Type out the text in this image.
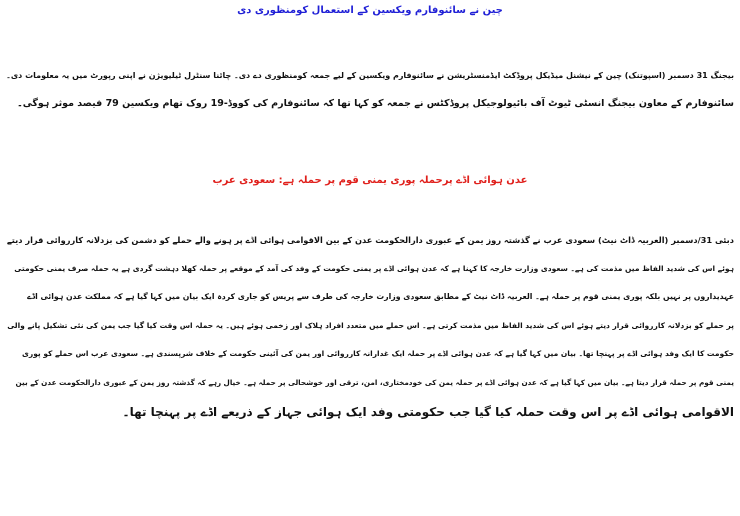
چین نے سائنوفارم ویکسین کے استعمال کومنظوری دی
بیجنگ 31 دسمبر (اسپوتنک) چین کے نیشنل میڈیکل پروڈکٹ ایڈمنسٹریشن نے سائنوفارم ویکسین کے لیے جمعہ کومنظوری دے دی۔ چائنا سنٹرل ٹیلیویژن نے اپنی رپورٹ میں یہ معلومات دی۔
سائنوفارم کے معاون بیجنگ انسٹی ٹیوٹ آف بائیولوجیکل پروڈکٹس نے جمعہ کو کہا تھا کہ سائنوفارم کی کووڈ-19 روک تھام ویکسین 79 فیصد موثر ہوگی۔
عدن ہوائی اڈے پرحملہ پوری یمنی قوم پر حملہ ہے: سعودی عرب
دبئی 31/دسمبر (العربیہ ڈاٹ نیٹ) سعودی عرب نے گذشتہ روز یمن کے عبوری دارالحکومت عدن کے بین الاقوامی ہوائی اڈے پر ہونے والے حملے کو دشمن کی بزدلانہ کارروائی قرار دیتے
ہوئے اس کی شدید الفاظ میں مذمت کی ہے۔ سعودی وزارت خارجہ کا کہنا ہے کہ عدن ہوائی اڈے پر یمنی حکومت کے وفد کی آمد کے موقعے پر حملہ کھلا دہشت گردی ہے یہ حملہ صرف یمنی حکومتی
عہدیداروں پر نہیں بلکہ پوری یمنی قوم پر حملہ ہے۔ العربیہ ڈاٹ نیٹ کے مطابق سعودی وزارت خارجہ کی طرف سے پریس کو جاری کردہ ایک بیان میں کہا گیا ہے کہ مملکت عدن ہوائی اڈے
پر حملے کو بزدلانہ کارروائی قرار دیتے ہوئے اس کی شدید الفاظ میں مذمت کرتی ہے۔ اس حملے میں متعدد افراد ہلاک اور زخمی ہوئے ہیں۔ یہ حملہ اس وقت کیا گیا جب یمن کی نئی تشکیل پانے والی
حکومت کا ایک وفد ہوائی اڈے پر پہنچا تھا۔ بیان میں کہا گیا ہے کہ عدن ہوائی اڈے پر حملہ ایک غدارانہ کارروائی اور یمن کی آئینی حکومت کے خلاف شرپسندی ہے۔ سعودی عرب اس حملے کو پوری
یمنی قوم پر حملہ قرار دیتا ہے۔ بیان میں کہا گیا ہے کہ عدن ہوائی اڈے پر حملہ یمن کی خودمختاری، امن، ترقی اور خوشحالی پر حملہ ہے۔ خیال رہے کہ گذشتہ روز یمن کے عبوری دارالحکومت عدن کے بین
الاقوامی ہوائی اڈے پر اس وقت حملہ کیا گیا جب حکومتی وفد ایک ہوائی جہاز کے ذریعے اڈے پر پہنچا تھا۔
